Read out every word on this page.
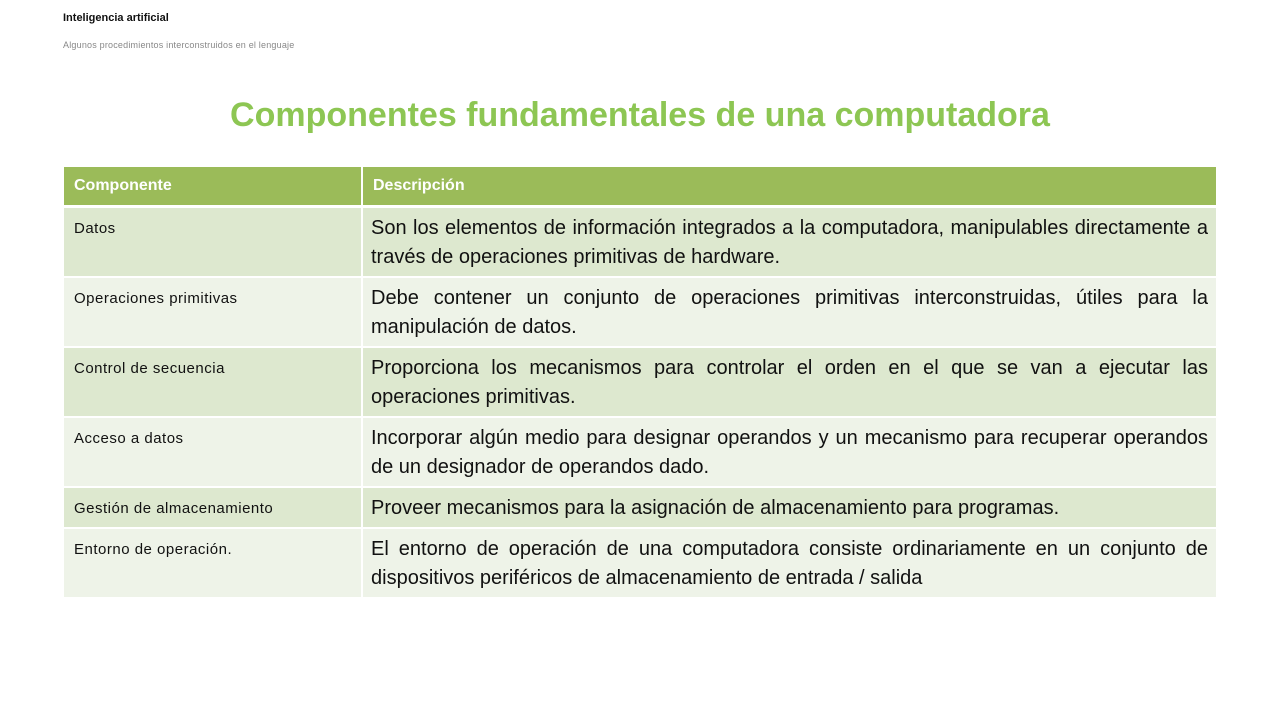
Inteligencia artificial
Algunos procedimientos interconstruidos en el lenguaje
Componentes fundamentales de una computadora
Componente	Descripción
Datos	Son los elementos de información integrados a la computadora, manipulables directamente a través de operaciones primitivas de hardware.
Operaciones primitivas	Debe contener un conjunto de operaciones primitivas interconstruidas, útiles para la manipulación de datos.
Control de secuencia	Proporciona los mecanismos para controlar el orden en el que se van a ejecutar las operaciones primitivas.
Acceso a datos	Incorporar algún medio para designar operandos y un mecanismo para recuperar operandos de un designador de operandos dado.
Gestión de almacenamiento	Proveer mecanismos para la asignación de almacenamiento para programas.
Entorno de operación.	El entorno de operación de una computadora consiste ordinariamente en un conjunto de dispositivos periféricos de almacenamiento de entrada / salida
